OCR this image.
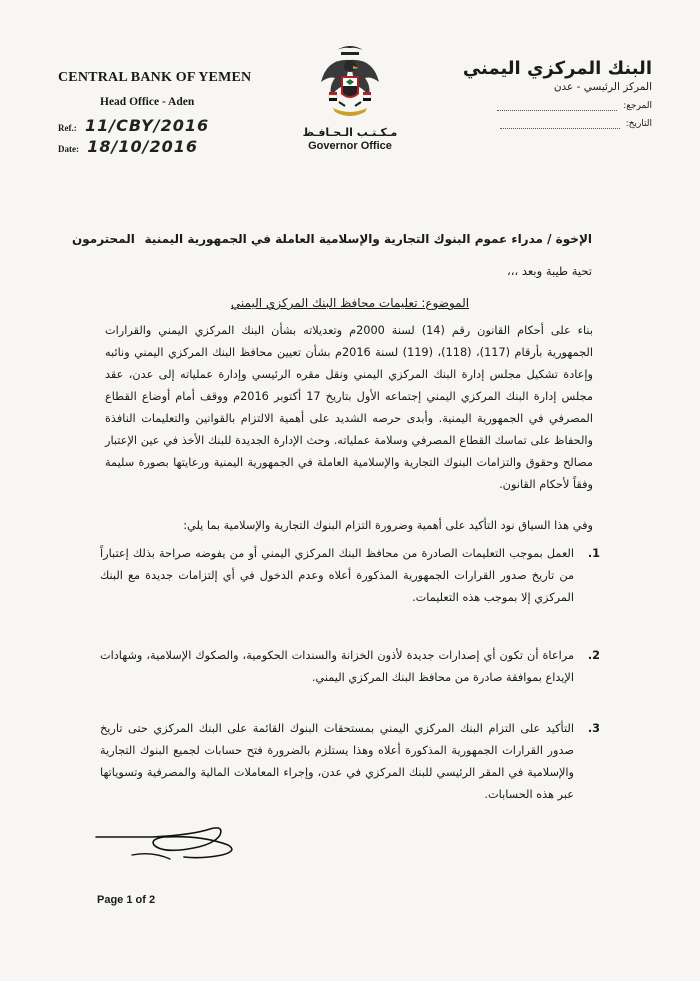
CENTRAL BANK OF YEMEN
Head Office - Aden
Ref.: 11/CBY/2016
Date: 18/10/2016
مـكـتـب الـحـافـظ
Governor Office
البنك المركزي اليمني
المركز الرئيسي - عدن
المرجع:
التاريخ:
الإخوة / مدراء عموم البنوك التجارية والإسلامية العاملة في الجمهورية اليمنية
المحترمون
تحية طيبة وبعد ،،،
الموضوع: تعليمات محافظ البنك المركزي اليمني
بناء على أحكام القانون رقم (14) لسنة 2000م وتعديلاته بشأن البنك المركزي اليمني والقرارات الجمهورية بأرقام (117)، (118)، (119) لسنة 2016م بشأن تعيين محافظ البنك المركزي اليمني ونائبه وإعادة تشكيل مجلس إدارة البنك المركزي اليمني ونقل مقره الرئيسي وإدارة عملياته إلى عدن، عقد مجلس إدارة البنك المركزي اليمني إجتماعه الأول بتاريخ 17 أكتوبر 2016م ووقف أمام أوضاع القطاع المصرفي في الجمهورية اليمنية. وأبدى حرصه الشديد على أهمية الالتزام بالقوانين والتعليمات النافذة والحفاظ على تماسك القطاع المصرفي وسلامة عملياته. وحث الإدارة الجديدة للبنك الأخذ في عين الإعتبار مصالح وحقوق والتزامات البنوك التجارية والإسلامية العاملة في الجمهورية اليمنية ورعايتها بصورة سليمة وفقاً لأحكام القانون.
وفي هذا السياق نود التأكيد على أهمية وضرورة التزام البنوك التجارية والإسلامية بما يلي:
1.
العمل بموجب التعليمات الصادرة من محافظ البنك المركزي اليمني أو من يفوضه صراحة بذلك إعتباراً من تاريخ صدور القرارات الجمهورية المذكورة أعلاه وعدم الدخول في أي إلتزامات جديدة مع البنك المركزي إلا بموجب هذه التعليمات.
2.
مراعاة أن تكون أي إصدارات جديدة لأذون الخزانة والسندات الحكومية، والصكوك الإسلامية، وشهادات الإيداع بموافقة صادرة من محافظ البنك المركزي اليمني.
3.
التأكيد على التزام البنك المركزي اليمني بمستحقات البنوك القائمة على البنك المركزي حتى تاريخ صدور القرارات الجمهورية المذكورة أعلاه وهذا يستلزم بالضرورة فتح حسابات لجميع البنوك التجارية والإسلامية في المقر الرئيسي للبنك المركزي في عدن، وإجراء المعاملات المالية والمصرفية وتسوياتها عبر هذه الحسابات.
Page 1 of 2
